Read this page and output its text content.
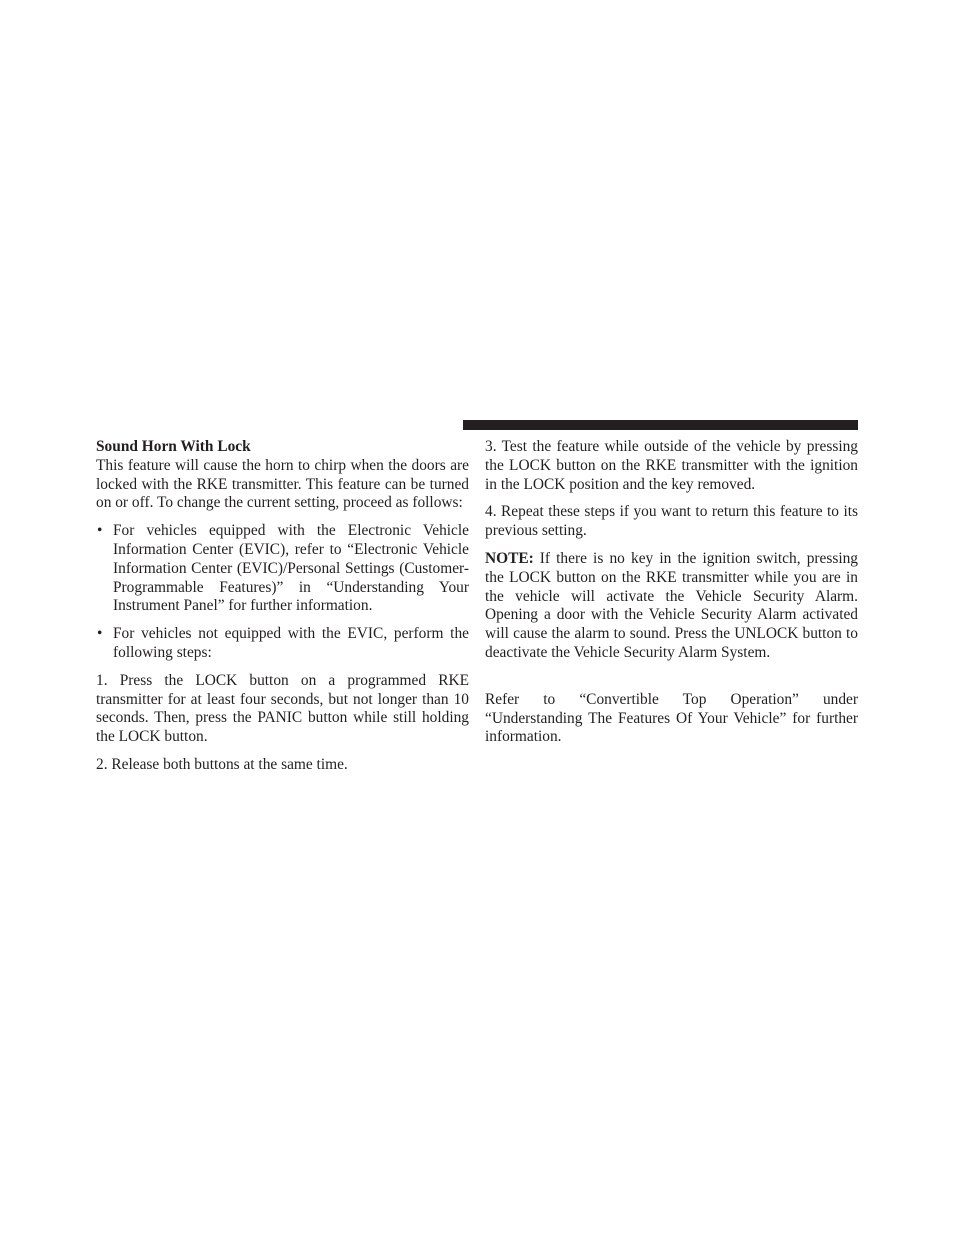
Sound Horn With Lock

This feature will cause the horn to chirp when the doors are locked with the RKE transmitter. This feature can be turned on or off. To change the current setting, proceed as follows:

• For vehicles equipped with the Electronic Vehicle Information Center (EVIC), refer to “Electronic Vehicle Information Center (EVIC)/Personal Settings (Customer-Programmable Features)” in “Understanding Your Instrument Panel” for further information.
• For vehicles not equipped with the EVIC, perform the following steps:

1. Press the LOCK button on a programmed RKE transmitter for at least four seconds, but not longer than 10 seconds. Then, press the PANIC button while still holding the LOCK button.

2. Release both buttons at the same time.

3. Test the feature while outside of the vehicle by pressing the LOCK button on the RKE transmitter with the ignition in the LOCK position and the key removed.

4. Repeat these steps if you want to return this feature to its previous setting.

NOTE: If there is no key in the ignition switch, pressing the LOCK button on the RKE transmitter while you are in the vehicle will activate the Vehicle Security Alarm. Opening a door with the Vehicle Security Alarm activated will cause the alarm to sound. Press the UNLOCK button to deactivate the Vehicle Security Alarm System.

Refer to “Convertible Top Operation” under “Understanding The Features Of Your Vehicle” for further information.
